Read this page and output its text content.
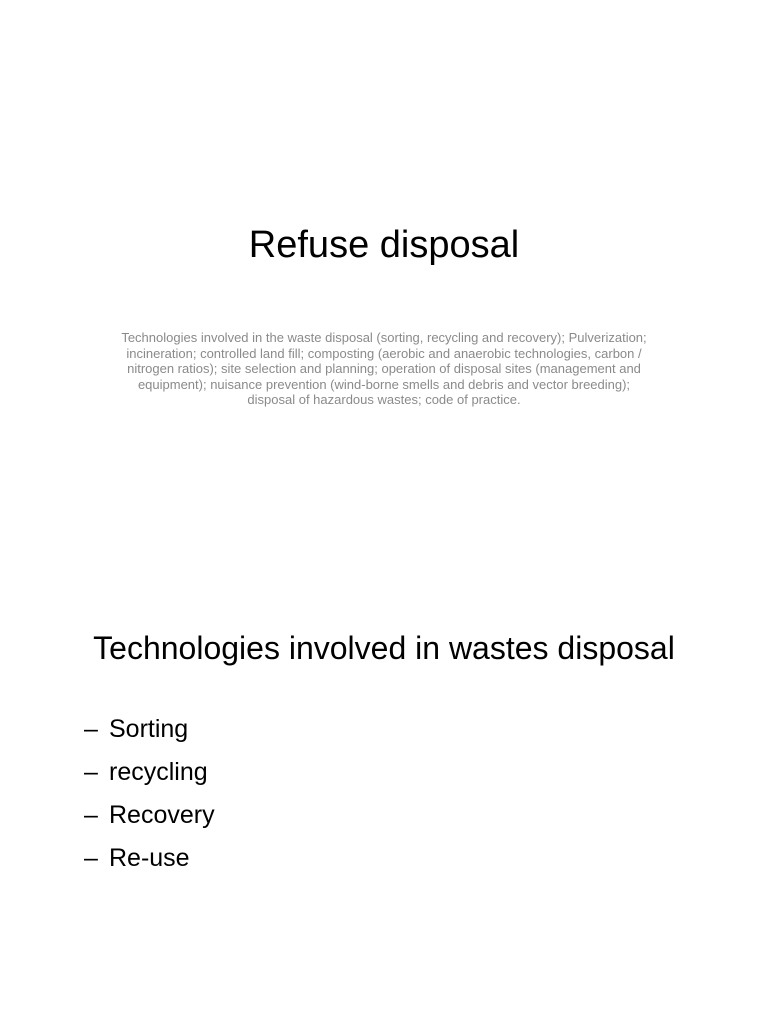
Refuse disposal

Technologies involved in the waste disposal (sorting, recycling and recovery); Pulverization; incineration; controlled land fill; composting (aerobic and anaerobic technologies, carbon / nitrogen ratios); site selection and planning; operation of disposal sites (management and equipment); nuisance prevention (wind-borne smells and debris and vector breeding); disposal of hazardous wastes; code of practice.

Technologies involved in wastes disposal
– Sorting
– recycling
– Recovery
– Re-use
